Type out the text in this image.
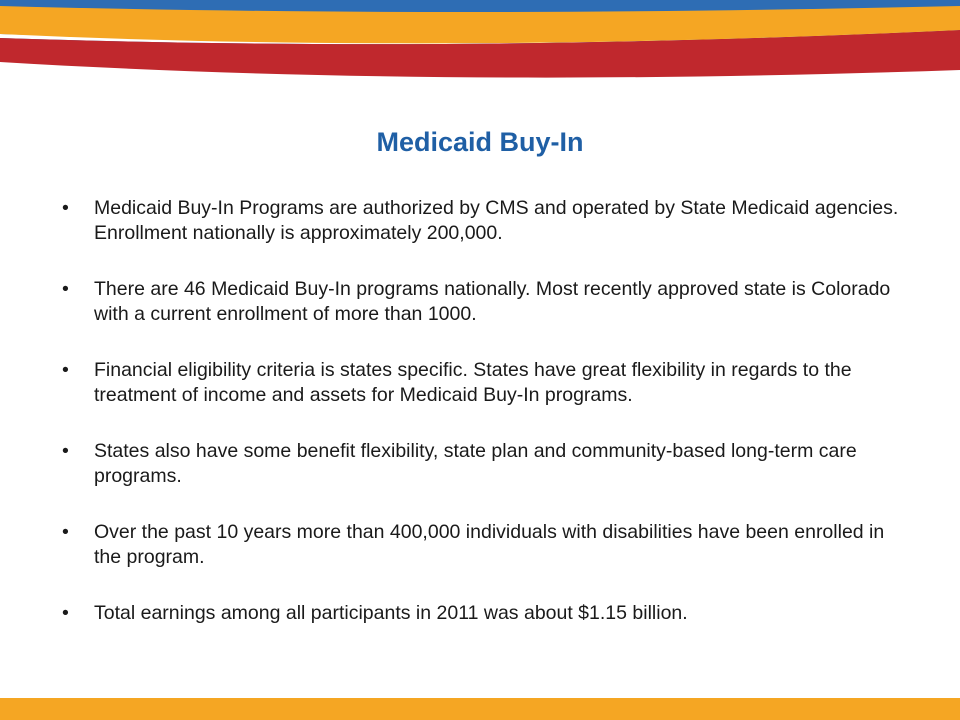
Medicaid Buy-In
•	Medicaid Buy-In Programs are authorized by CMS and operated by State Medicaid agencies. Enrollment nationally is approximately 200,000.
•	There are 46 Medicaid Buy-In programs nationally. Most recently approved state is Colorado with a current enrollment of more than 1000.
•	Financial eligibility criteria is states specific. States have great flexibility in regards to the treatment of income and assets for Medicaid Buy-In programs.
•	States also have some benefit flexibility, state plan and community-based long-term care programs.
•	Over the past 10 years more than 400,000 individuals with disabilities have been enrolled in the program.
•	Total earnings among all participants in 2011 was about $1.15 billion.
